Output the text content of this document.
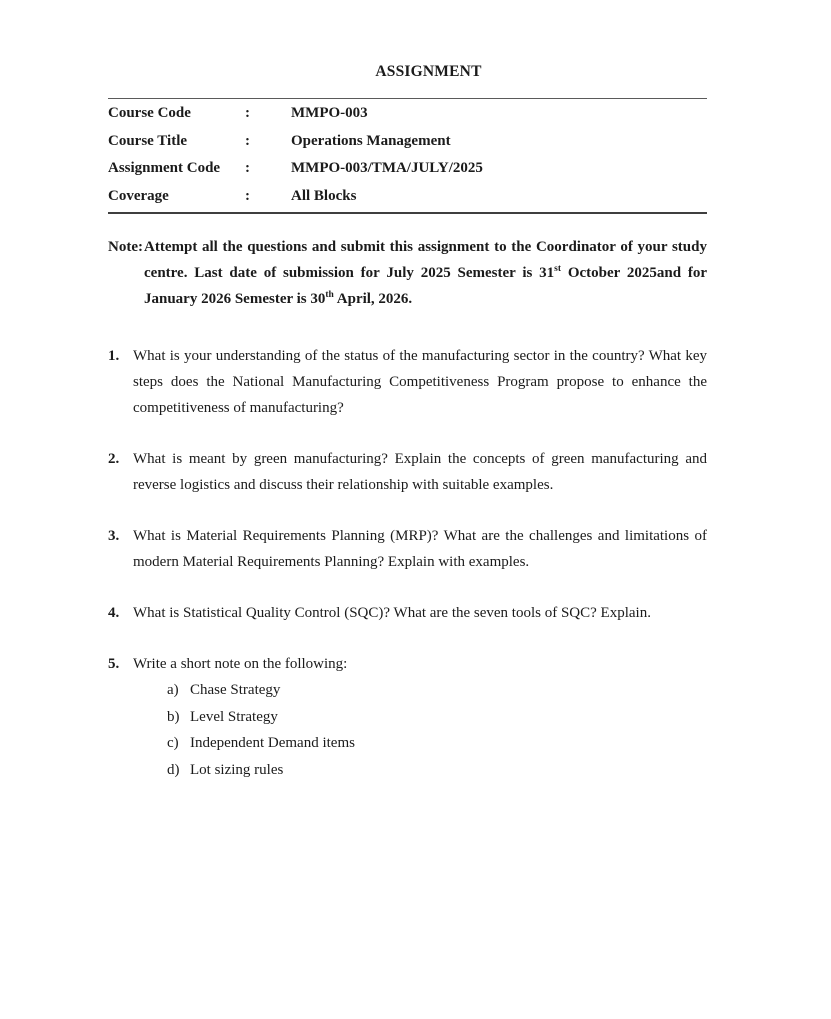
ASSIGNMENT
Course Code	:	MMPO-003
Course Title	:	Operations Management
Assignment Code	:	MMPO-003/TMA/JULY/2025
Coverage	:	All Blocks

Note: Attempt all the questions and submit this assignment to the Coordinator of your study centre. Last date of submission for July 2025 Semester is 31st October 2025and for January 2026 Semester is 30th April, 2026.

1. What is your understanding of the status of the manufacturing sector in the country? What key steps does the National Manufacturing Competitiveness Program propose to enhance the competitiveness of manufacturing?
2. What is meant by green manufacturing? Explain the concepts of green manufacturing and reverse logistics and discuss their relationship with suitable examples.
3. What is Material Requirements Planning (MRP)? What are the challenges and limitations of modern Material Requirements Planning? Explain with examples.
4. What is Statistical Quality Control (SQC)? What are the seven tools of SQC? Explain.
5. Write a short note on the following:
a) Chase Strategy
b) Level Strategy
c) Independent Demand items
d) Lot sizing rules
